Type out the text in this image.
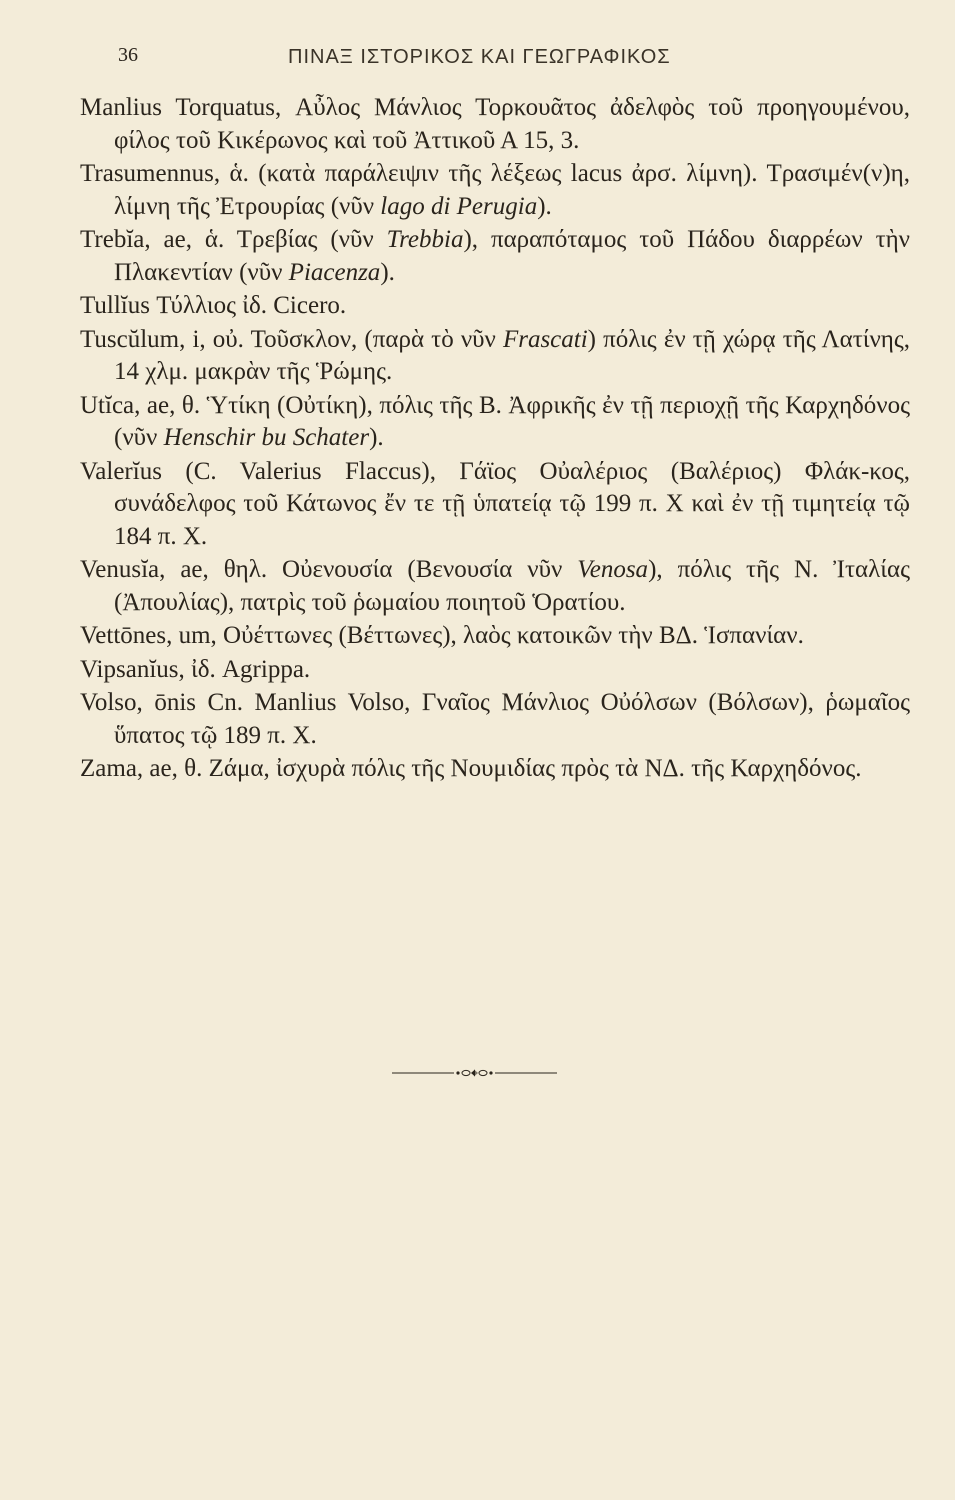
36	ΠΙΝΑΞ ΙΣΤΟΡΙΚΟΣ ΚΑΙ ΓΕΩΓΡΑΦΙΚΟΣ

Manlius Torquatus, Αὖλος Μάνλιος Τορκουᾶτος ἀδελφὸς τοῦ προηγουμένου, φίλος τοῦ Κικέρωνος καὶ τοῦ Ἀττικοῦ Α 15, 3.

Trasumennus, ἁ. (κατὰ παράλειψιν τῆς λέξεως lacus ἀρσ. λίμνη). Τρασιμέν(ν)η, λίμνη τῆς Ἐτρουρίας (νῦν lago di Perugia).

Trebĭa, ae, ἁ. Τρεβίας (νῦν Trebbia), παραπόταμος τοῦ Πάδου διαρρέων τὴν Πλακεντίαν (νῦν Piacenza).

Tullĭus Τύλλιος ἰδ. Cicero.

Tuscŭlum, i, οὐ. Τοῦσκλον, (παρὰ τὸ νῦν Frascati) πόλις ἐν τῇ χώρᾳ τῆς Λατίνης, 14 χλμ. μακρὰν τῆς Ῥώμης.

Utĭca, ae, θ. Ὑτίκη (Οὐτίκη), πόλις τῆς Β. Ἀφρικῆς ἐν τῇ περιοχῇ τῆς Καρχηδόνος (νῦν Henschir bu Schater).

Valerĭus (C. Valerius Flaccus), Γάϊος Οὐαλέριος (Βαλέριος) Φλάκ-κος, συνάδελφος τοῦ Κάτωνος ἔν τε τῇ ὑπατείᾳ τῷ 199 π. Χ καὶ ἐν τῇ τιμητείᾳ τῷ 184 π. Χ.

Venusĭa, ae, θηλ. Οὐενουσία (Βενουσία νῦν Venosa), πόλις τῆς Ν. Ἰταλίας (Ἀπουλίας), πατρὶς τοῦ ῥωμαίου ποιητοῦ Ὁρατίου.

Vettōnes, um, Οὐέττωνες (Βέττωνες), λαὸς κατοικῶν τὴν ΒΔ. Ἱσπανίαν.

Vipsanĭus, ἰδ. Agrippa.

Volso, ōnis Cn. Manlius Volso, Γναῖος Μάνλιος Οὐόλσων (Βόλσων), ῥωμαῖος ὕπατος τῷ 189 π. Χ.

Zama, ae, θ. Ζάμα, ἰσχυρὰ πόλις τῆς Νουμιδίας πρὸς τὰ ΝΔ. τῆς Καρχηδόνος.
